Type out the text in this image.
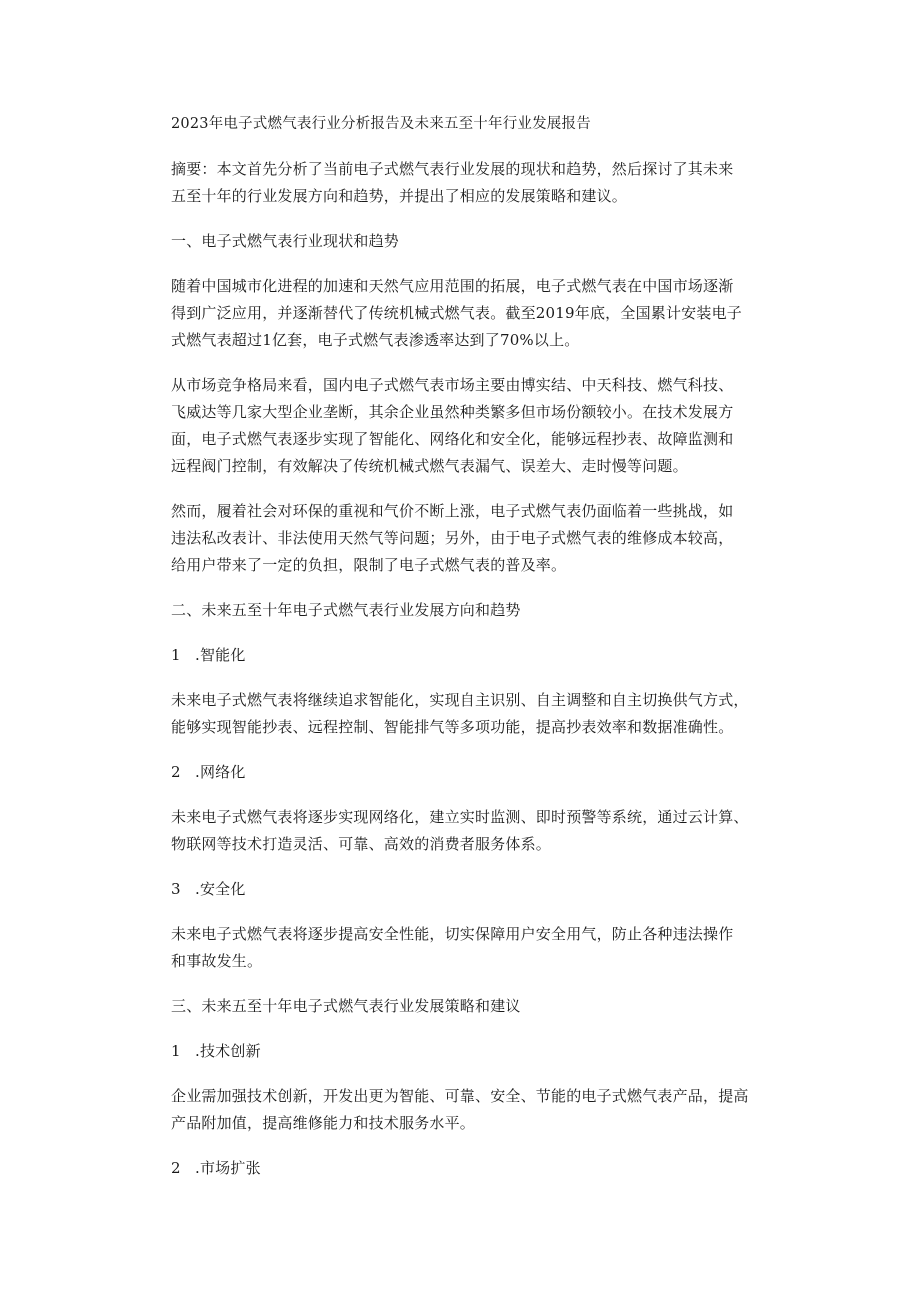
2023年电子式燃气表行业分析报告及未来五至十年行业发展报告
摘要：本文首先分析了当前电子式燃气表行业发展的现状和趋势，然后探讨了其未来
五至十年的行业发展方向和趋势，并提出了相应的发展策略和建议。
一、电子式燃气表行业现状和趋势
随着中国城市化进程的加速和天然气应用范围的拓展，电子式燃气表在中国市场逐渐
得到广泛应用，并逐渐替代了传统机械式燃气表。截至2019年底，全国累计安装电子
式燃气表超过1亿套，电子式燃气表渗透率达到了70%以上。
从市场竞争格局来看，国内电子式燃气表市场主要由博实结、中天科技、燃气科技、
飞威达等几家大型企业垄断，其余企业虽然种类繁多但市场份额较小。在技术发展方
面，电子式燃气表逐步实现了智能化、网络化和安全化，能够远程抄表、故障监测和
远程阀门控制，有效解决了传统机械式燃气表漏气、误差大、走时慢等问题。
然而，履着社会对环保的重视和气价不断上涨，电子式燃气表仍面临着一些挑战，如
违法私改表计、非法使用天然气等问题；另外，由于电子式燃气表的维修成本较高，
给用户带来了一定的负担，限制了电子式燃气表的普及率。
二、未来五至十年电子式燃气表行业发展方向和趋势
1 .智能化
未来电子式燃气表将继续追求智能化，实现自主识别、自主调整和自主切换供气方式，
能够实现智能抄表、远程控制、智能排气等多项功能，提高抄表效率和数据准确性。
2 .网络化
未来电子式燃气表将逐步实现网络化，建立实时监测、即时预警等系统，通过云计算、
物联网等技术打造灵活、可靠、高效的消费者服务体系。
3 .安全化
未来电子式燃气表将逐步提高安全性能，切实保障用户安全用气，防止各种违法操作
和事故发生。
三、未来五至十年电子式燃气表行业发展策略和建议
1 .技术创新
企业需加强技术创新，开发出更为智能、可靠、安全、节能的电子式燃气表产品，提高
产品附加值，提高维修能力和技术服务水平。
2 .市场扩张
